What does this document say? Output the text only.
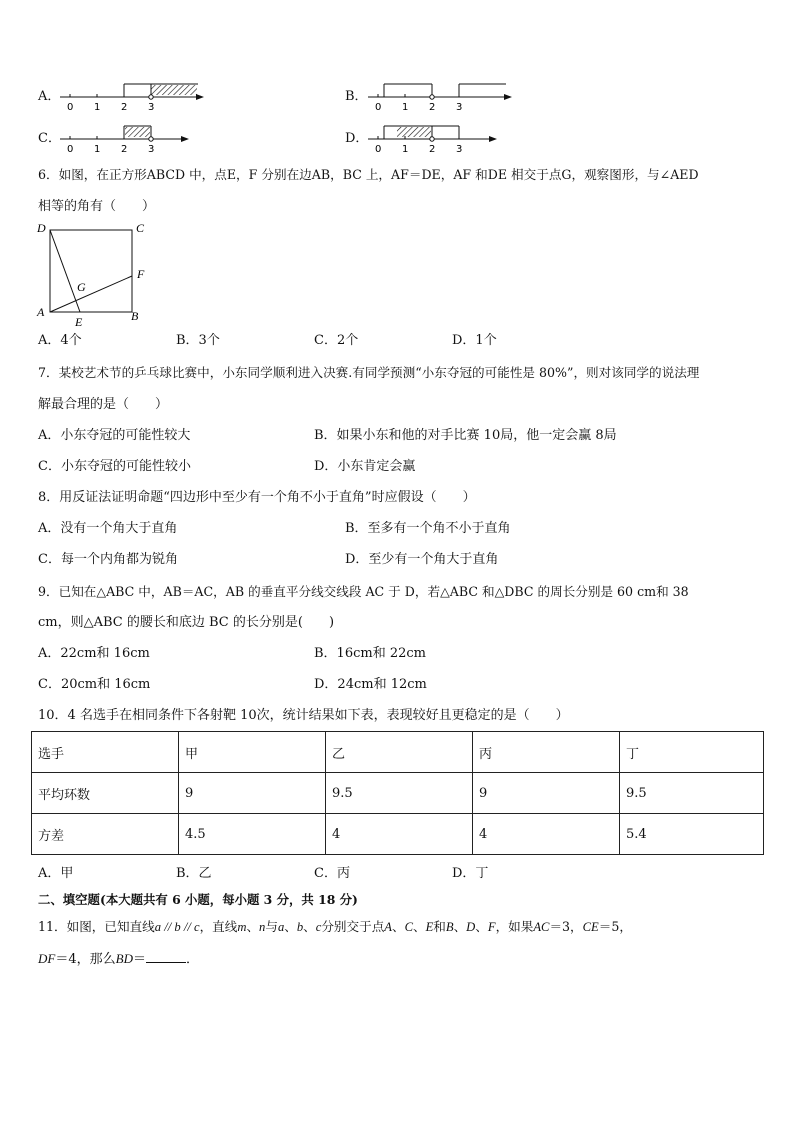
A．
0 1 2 3
B．
0 1 2 3
C．
0 1 2 3
D．
0 1 2 3
6．如图，在正方形ABCD 中，点E，F 分别在边AB，BC 上，AF＝DE，AF 和DE 相交于点G，观察图形，与∠AED
相等的角有（　　）
D	C
A	B
E
F
G
A．4个	B．3个	C．2个	D．1个
7．某校艺术节的乒乓球比赛中，小东同学顺利进入决赛.有同学预测“小东夺冠的可能性是 80%”，则对该同学的说法理
解最合理的是（　　）
A．小东夺冠的可能性较大	B．如果小东和他的对手比赛 10局，他一定会赢 8局
C．小东夺冠的可能性较小	D．小东肯定会赢
8．用反证法证明命题“四边形中至少有一个角不小于直角”时应假设（　　）
A．没有一个角大于直角	B．至多有一个角不小于直角
C．每一个内角都为锐角	D．至少有一个角大于直角
9．已知在△ABC 中，AB＝AC，AB 的垂直平分线交线段 AC 于 D，若△ABC 和△DBC 的周长分别是 60 cm和 38
cm，则△ABC 的腰长和底边 BC 的长分别是(　　)
A．22cm和 16cm	B．16cm和 22cm
C．20cm和 16cm	D．24cm和 12cm
10．4 名选手在相同条件下各射靶 10次，统计结果如下表，表现较好且更稳定的是（　　）
选手	甲	乙	丙	丁
平均环数	9	9.5	9	9.5
方差	4.5	4	4	5.4
A．甲	B．乙	C．丙	D．丁
二、填空题(本大题共有 6 小题，每小题 3 分，共 18 分)
11．如图，已知直线a // b // c，直线m、n与a、b、c分别交于点A、C、E和B、D、F，如果AC＝3，CE＝5，
DF＝4，那么BD＝	．
